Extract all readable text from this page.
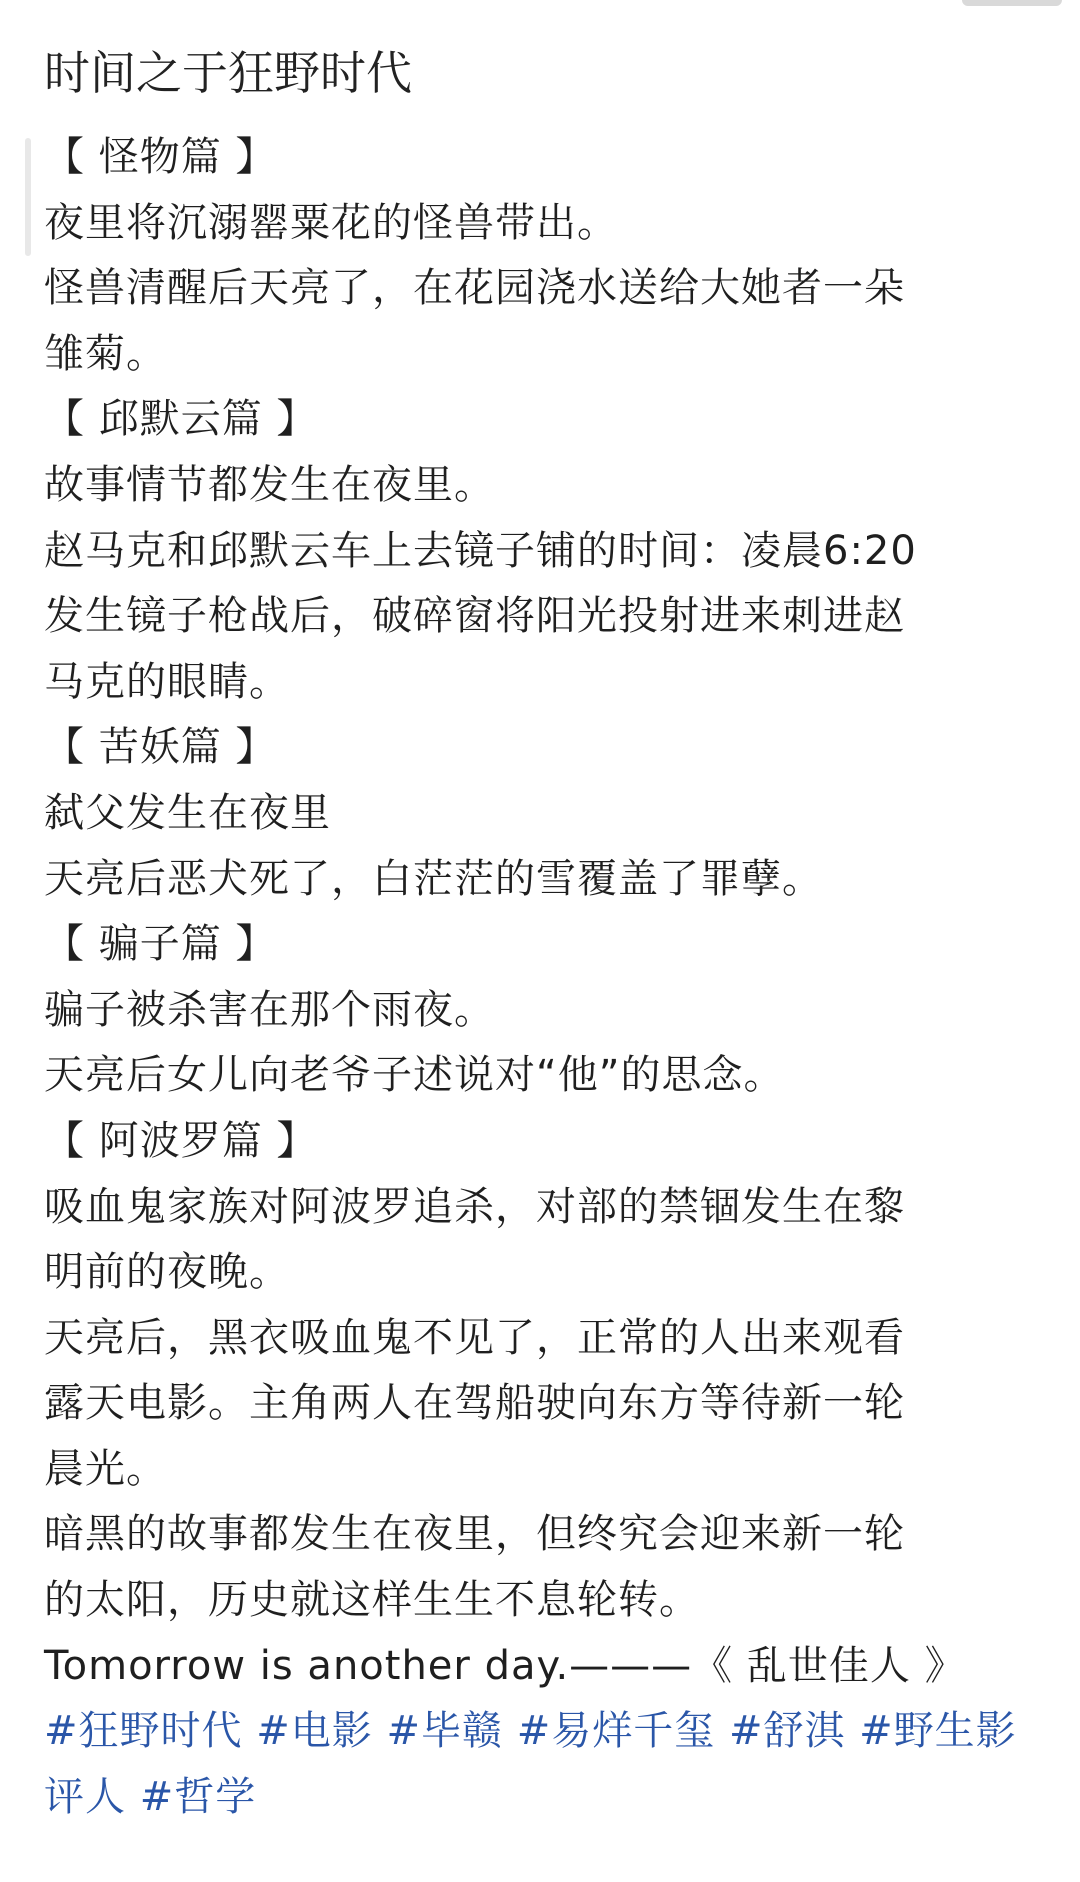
时间之于狂野时代
【 怪物篇 】
夜里将沉溺罂粟花的怪兽带出。
怪兽清醒后天亮了，在花园浇水送给大她者一朵
雏菊。
【 邱默云篇 】
故事情节都发生在夜里。
赵马克和邱默云车上去镜子铺的时间：凌晨6:20
发生镜子枪战后，破碎窗将阳光投射进来刺进赵
马克的眼睛。
【 苦妖篇 】
弑父发生在夜里
天亮后恶犬死了，白茫茫的雪覆盖了罪孽。
【 骗子篇 】
骗子被杀害在那个雨夜。
天亮后女儿向老爷子述说对“他”的思念。
【 阿波罗篇 】
吸血鬼家族对阿波罗追杀，对部的禁锢发生在黎
明前的夜晚。
天亮后，黑衣吸血鬼不见了，正常的人出来观看
露天电影。主角两人在驾船驶向东方等待新一轮
晨光。
暗黑的故事都发生在夜里，但终究会迎来新一轮
的太阳，历史就这样生生不息轮转。
Tomorrow is another day.———《 乱世佳人 》
#狂野时代 #电影 #毕赣 #易烊千玺 #舒淇 #野生影
评人 #哲学
